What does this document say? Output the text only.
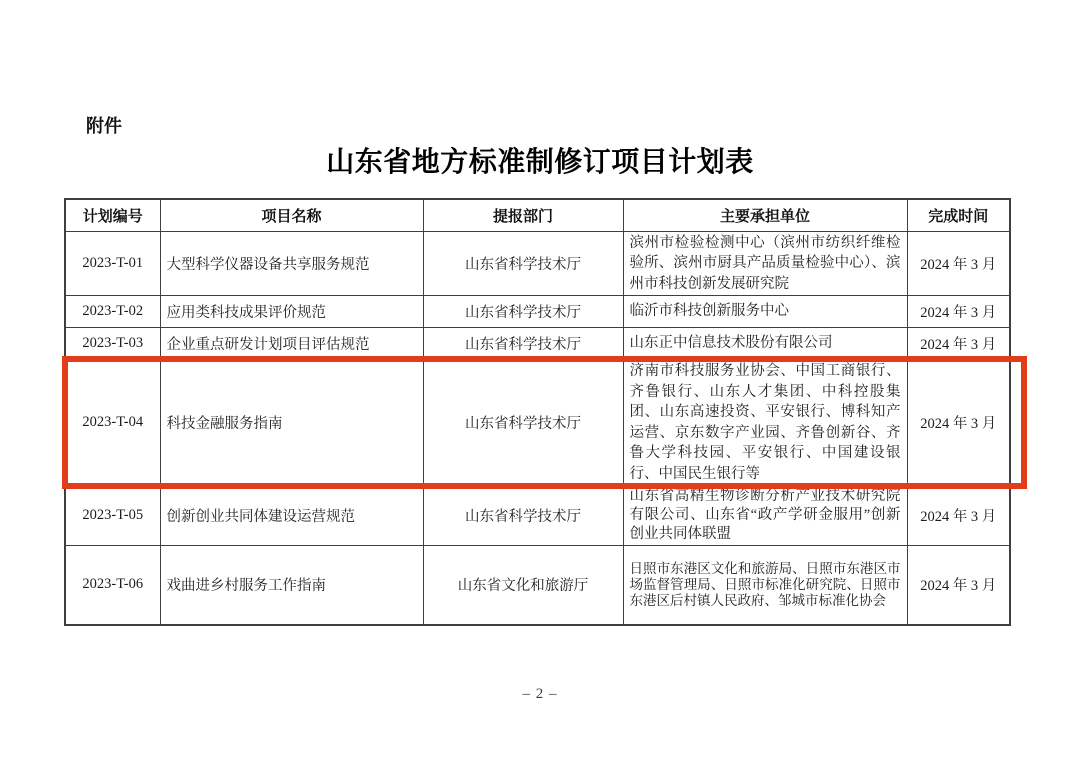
附件
山东省地方标准制修订项目计划表
计划编号	项目名称	提报部门	主要承担单位	完成时间
2023-T-01	大型科学仪器设备共享服务规范	山东省科学技术厅	滨州市检验检测中心（滨州市纺织纤维检验所、滨州市厨具产品质量检验中心）、滨州市科技创新发展研究院	2024 年 3 月
2023-T-02	应用类科技成果评价规范	山东省科学技术厅	临沂市科技创新服务中心	2024 年 3 月
2023-T-03	企业重点研发计划项目评估规范	山东省科学技术厅	山东正中信息技术股份有限公司	2024 年 3 月
2023-T-04	科技金融服务指南	山东省科学技术厅	济南市科技服务业协会、中国工商银行、齐鲁银行、山东人才集团、中科控股集团、山东高速投资、平安银行、博科知产运营、京东数字产业园、齐鲁创新谷、齐鲁大学科技园、平安银行、中国建设银行、中国民生银行等	2024 年 3 月
2023-T-05	创新创业共同体建设运营规范	山东省科学技术厅	山东省高精生物诊断分析产业技术研究院有限公司、山东省“政产学研金服用”创新创业共同体联盟	2024 年 3 月
2023-T-06	戏曲进乡村服务工作指南	山东省文化和旅游厅	日照市东港区文化和旅游局、日照市东港区市场监督管理局、日照市标准化研究院、日照市东港区后村镇人民政府、邹城市标准化协会	2024 年 3 月
– 2 –
